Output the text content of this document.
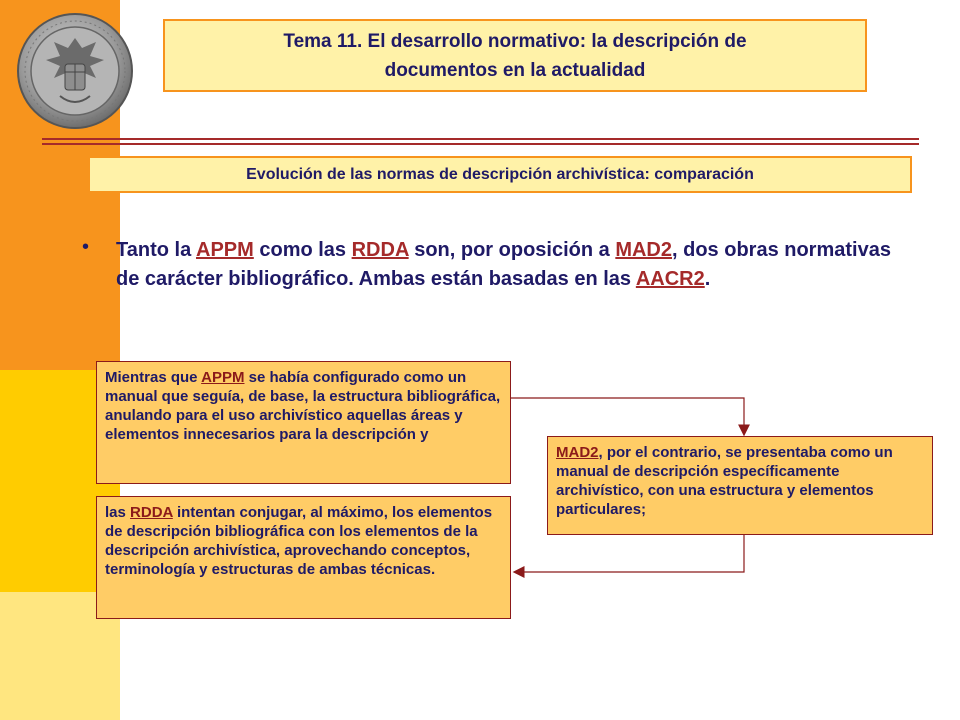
Tema 11. El desarrollo normativo: la descripción de
documentos en la actualidad
Evolución de las normas de descripción archivística: comparación
• Tanto la APPM como las RDDA son, por oposición a MAD2, dos obras normativas de carácter bibliográfico. Ambas están basadas en las AACR2.
Mientras que APPM se había configurado como un manual que seguía, de base, la estructura bibliográfica, anulando para el uso archivístico aquellas áreas y elementos innecesarios para la descripción y
las RDDA intentan conjugar, al máximo, los elementos de descripción bibliográfica con los elementos de la descripción archivística, aprovechando conceptos, terminología y estructuras de ambas técnicas.
MAD2, por el contrario, se presentaba como un manual de descripción específicamente archivístico, con una estructura y elementos particulares;
